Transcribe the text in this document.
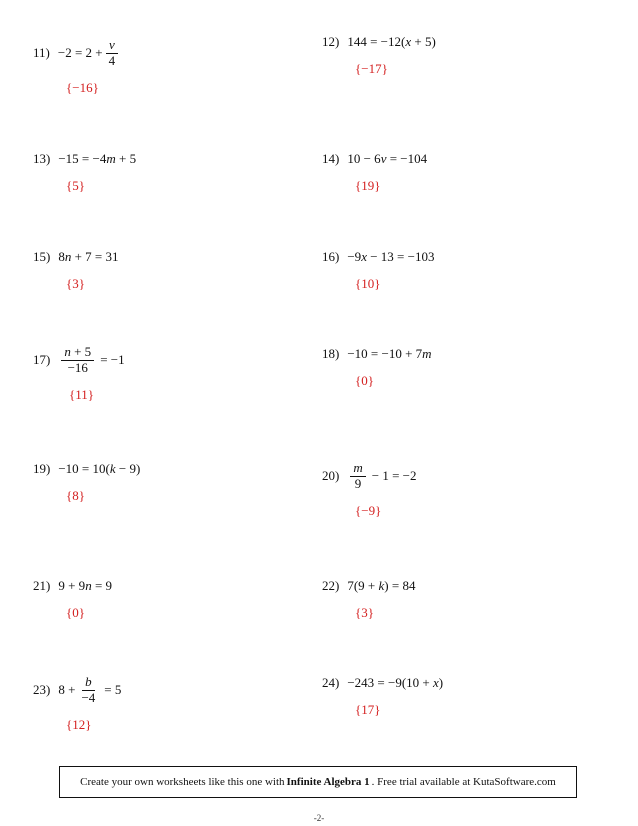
$11) -2 = 2 + \frac{v}{4}$
{−16}
12) 144 = −12(x + 5)
{−17}
13) −15 = −4m + 5
{5}
14) 10 − 6v = −104
{19}
15) 8n + 7 = 31
{3}
16) −9x − 13 = −103
{10}
$17) \frac{n + 5}{-16} = -1$
{11}
18) −10 = −10 + 7m
{0}
19) −10 = 10(k − 9)
{8}
$20) \frac{m}{9} - 1 = -2$
{−9}
21) 9 + 9n = 9
{0}
22) 7(9 + k) = 84
{3}
23) $8 + \frac{b}{-4} = 5$
{12}
24) −243 = −9(10 + x)
{17}
Create your own worksheets like this one with Infinite Algebra 1 . Free trial available at KutaSoftware.com
-2-
